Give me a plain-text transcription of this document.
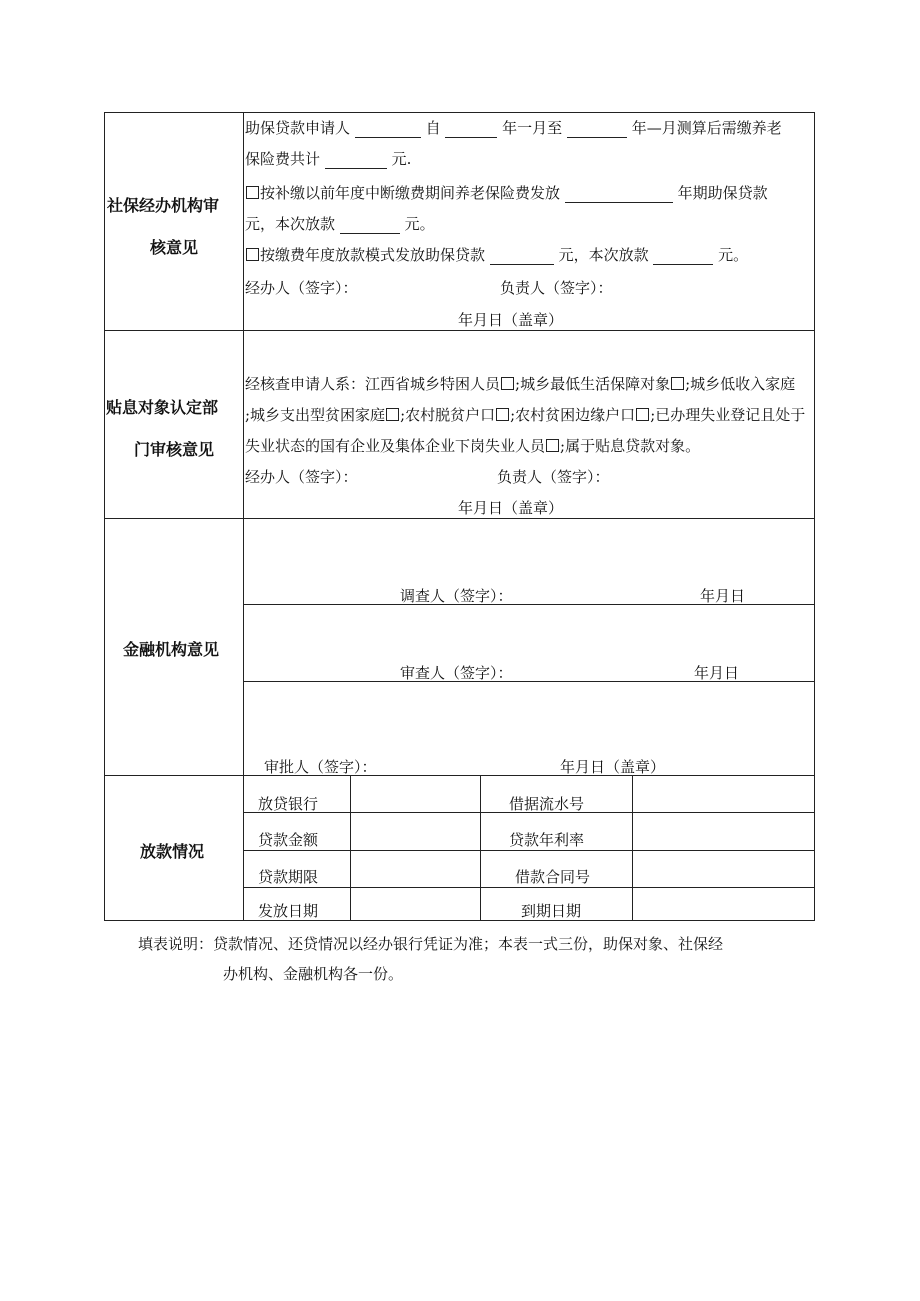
社保经办机构审
核意见
助保贷款申请人	自	年一月至	年—月测算后需缴养老
保险费共计	元.
按补缴以前年度中断缴费期间养老保险费发放	年期助保贷款
元，本次放款	元。
按缴费年度放款模式发放助保贷款	元，本次放款	元。
经办人（签字）：	负责人（签字）：
年月日（盖章）
贴息对象认定部
门审核意见
经核查申请人系：江西省城乡特困人员 ;城乡最低生活保障对象 ;城乡低收入家庭
;城乡支出型贫困家庭 ;农村脱贫户口 ;农村贫困边缘户口 ;已办理失业登记且处于
失业状态的国有企业及集体企业下岗失业人员 ;属于贴息贷款对象。
经办人（签字）：	负责人（签字）：
年月日（盖章）
金融机构意见
调查人（签字）：	年月日
审查人（签字）：	年月日
审批人（签字）：	年月日（盖章）
放款情况
放贷银行	借据流水号
贷款金额	贷款年利率
贷款期限	借款合同号
发放日期	到期日期
填表说明：贷款情况、还贷情况以经办银行凭证为准；本表一式三份，助保对象、社保经
办机构、金融机构各一份。
